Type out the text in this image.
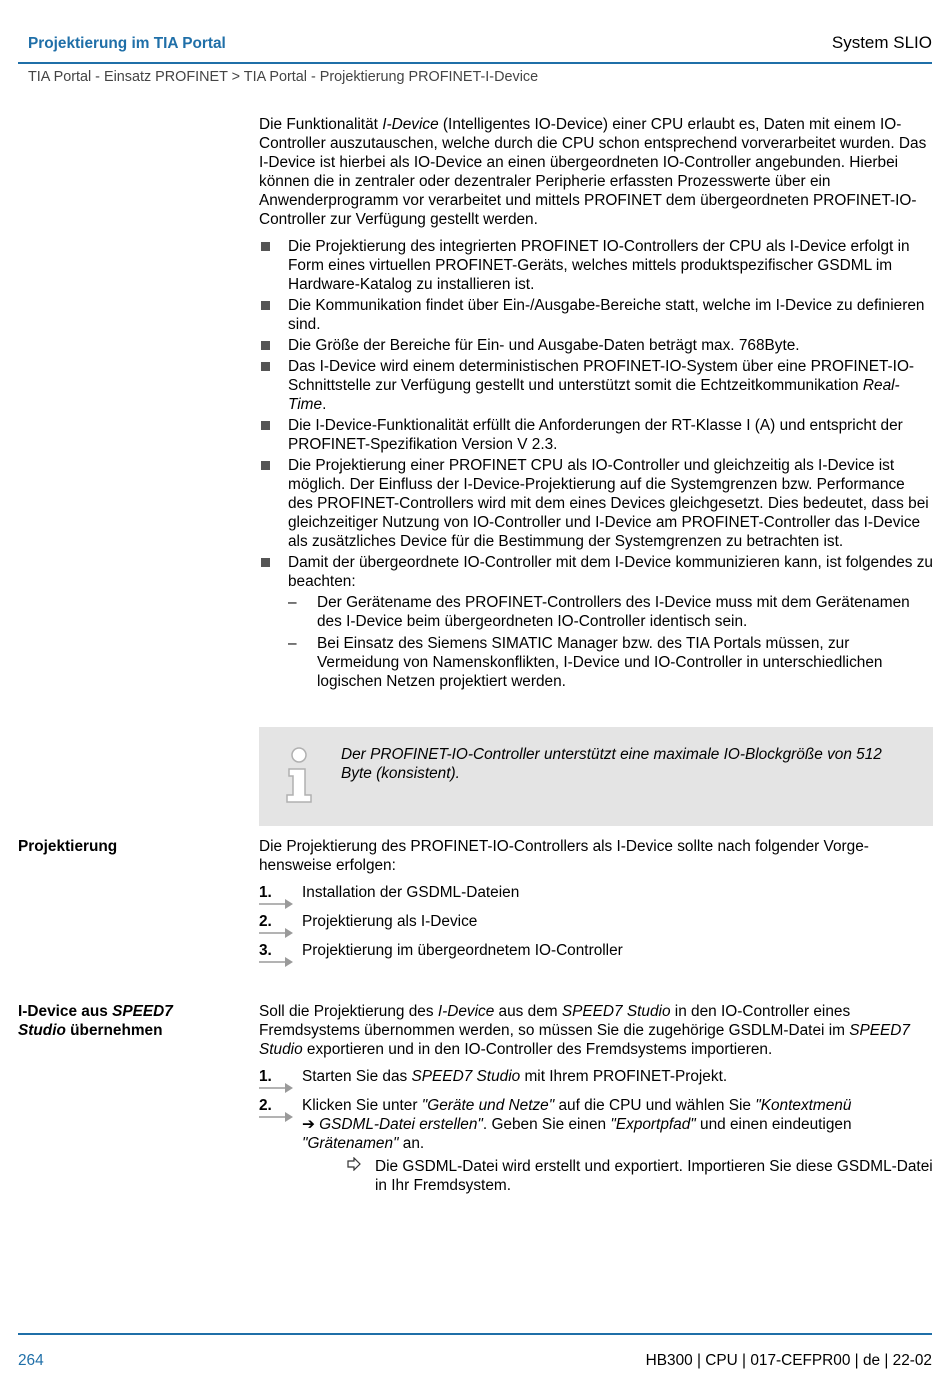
Projektierung im TIA Portal	System SLIO
TIA Portal - Einsatz PROFINET > TIA Portal - Projektierung PROFINET-I-Device

Die Funktionalität I-Device (Intelligentes IO-Device) einer CPU erlaubt es, Daten mit einem IO-Controller auszutauschen, welche durch die CPU schon entsprechend vorverarbeitet wurden. Das I-Device ist hierbei als IO-Device an einen übergeordneten IO-Controller angebunden. Hierbei können die in zentraler oder dezentraler Peripherie erfassten Prozesswerte über ein Anwenderprogramm vor verarbeitet und mittels PROFINET dem übergeordneten PROFINET-IO-Controller zur Verfügung gestellt werden.

Die Projektierung des integrierten PROFINET IO-Controllers der CPU als I-Device erfolgt in Form eines virtuellen PROFINET-Geräts, welches mittels produktspezifischer GSDML im Hardware-Katalog zu installieren ist.
Die Kommunikation findet über Ein-/Ausgabe-Bereiche statt, welche im I-Device zu definieren sind.
Die Größe der Bereiche für Ein- und Ausgabe-Daten beträgt max. 768Byte.
Das I-Device wird einem deterministischen PROFINET-IO-System über eine PROFINET-IO-Schnittstelle zur Verfügung gestellt und unterstützt somit die Echtzeitkommunikation Real-Time.
Die I-Device-Funktionalität erfüllt die Anforderungen der RT-Klasse I (A) und entspricht der PROFINET-Spezifikation Version V 2.3.
Die Projektierung einer PROFINET CPU als IO-Controller und gleichzeitig als I-Device ist möglich. Der Einfluss der I-Device-Projektierung auf die Systemgrenzen bzw. Performance des PROFINET-Controllers wird mit dem eines Devices gleichgesetzt. Dies bedeutet, dass bei gleichzeitiger Nutzung von IO-Controller und I-Device am PROFINET-Controller das I-Device als zusätzliches Device für die Bestimmung der Systemgrenzen zu betrachten ist.
Damit der übergeordnete IO-Controller mit dem I-Device kommunizieren kann, ist folgendes zu beachten:
– Der Gerätename des PROFINET-Controllers des I-Device muss mit dem Gerätenamen des I-Device beim übergeordneten IO-Controller identisch sein.
– Bei Einsatz des Siemens SIMATIC Manager bzw. des TIA Portals müssen, zur Vermeidung von Namenskonflikten, I-Device und IO-Controller in unterschiedlichen logischen Netzen projektiert werden.
Der PROFINET-IO-Controller unterstützt eine maximale IO-Blockgröße von 512 Byte (konsistent).
Projektierung	Die Projektierung des PROFINET-IO-Controllers als I-Device sollte nach folgender Vorgehensweise erfolgen:

1. Installation der GSDML-Dateien
2. Projektierung als I-Device
3. Projektierung im übergeordnetem IO-Controller
I-Device aus SPEED7
Studio übernehmen

Soll die Projektierung des I-Device aus dem SPEED7 Studio in den IO-Controller eines Fremdsystems übernommen werden, so müssen Sie die zugehörige GSDLM-Datei im SPEED7 Studio exportieren und in den IO-Controller des Fremdsystems importieren.

1. Starten Sie das SPEED7 Studio mit Ihrem PROFINET-Projekt.
2. Klicken Sie unter "Geräte und Netze" auf die CPU und wählen Sie "Kontextmenü
➔ GSDML-Datei erstellen". Geben Sie einen "Exportpfad" und einen eindeutigen "Grätenamen" an.
Die GSDML-Datei wird erstellt und exportiert. Importieren Sie diese GSDML-Datei in Ihr Fremdsystem.
264	HB300 | CPU | 017-CEFPR00 | de | 22-02
